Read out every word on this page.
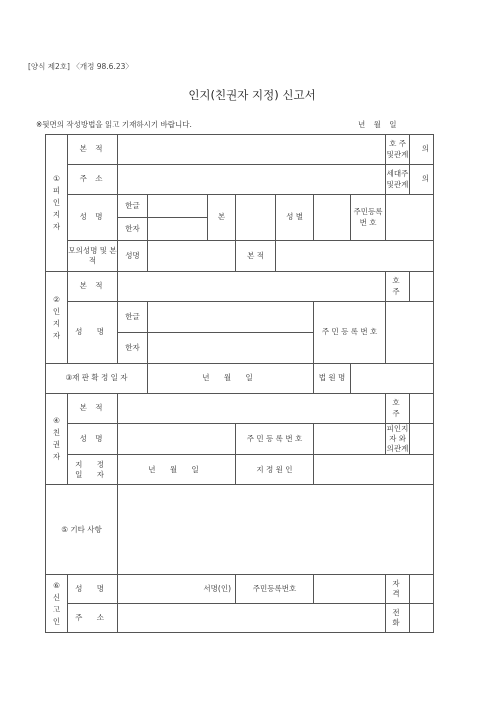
[양식 제2호] 〈개정 98.6.23〉
인지(친권자 지정) 신고서
※뒷면의 작성방법을 읽고 기재하시기 바랍니다.	년 월 일
①
피인지자	본 적								호 주 및관계	의
	주 소								세대주 및관계	의
	성 명	한글		본		성 별		주민등록 번 호		
		한자								
	모의성명 및 본적	성명			본 적					
②
인지자	본 적								호 주	
	성 명	한글					주 민 등 록 번 호			
		한자								
③재 판 확 정 일 자			년 월 일				법 원 명			
④
친권자	본 적								호 주	
	성 명				주 민 등 록 번 호				피인지자 와의관계	
	지 정 일 자	년 월 일			지 정 원 인					
⑤ 기타 사항										
⑥
신고인	성 명	서명(인)			주민등록번호				자 격	
	주 소								전 화	
